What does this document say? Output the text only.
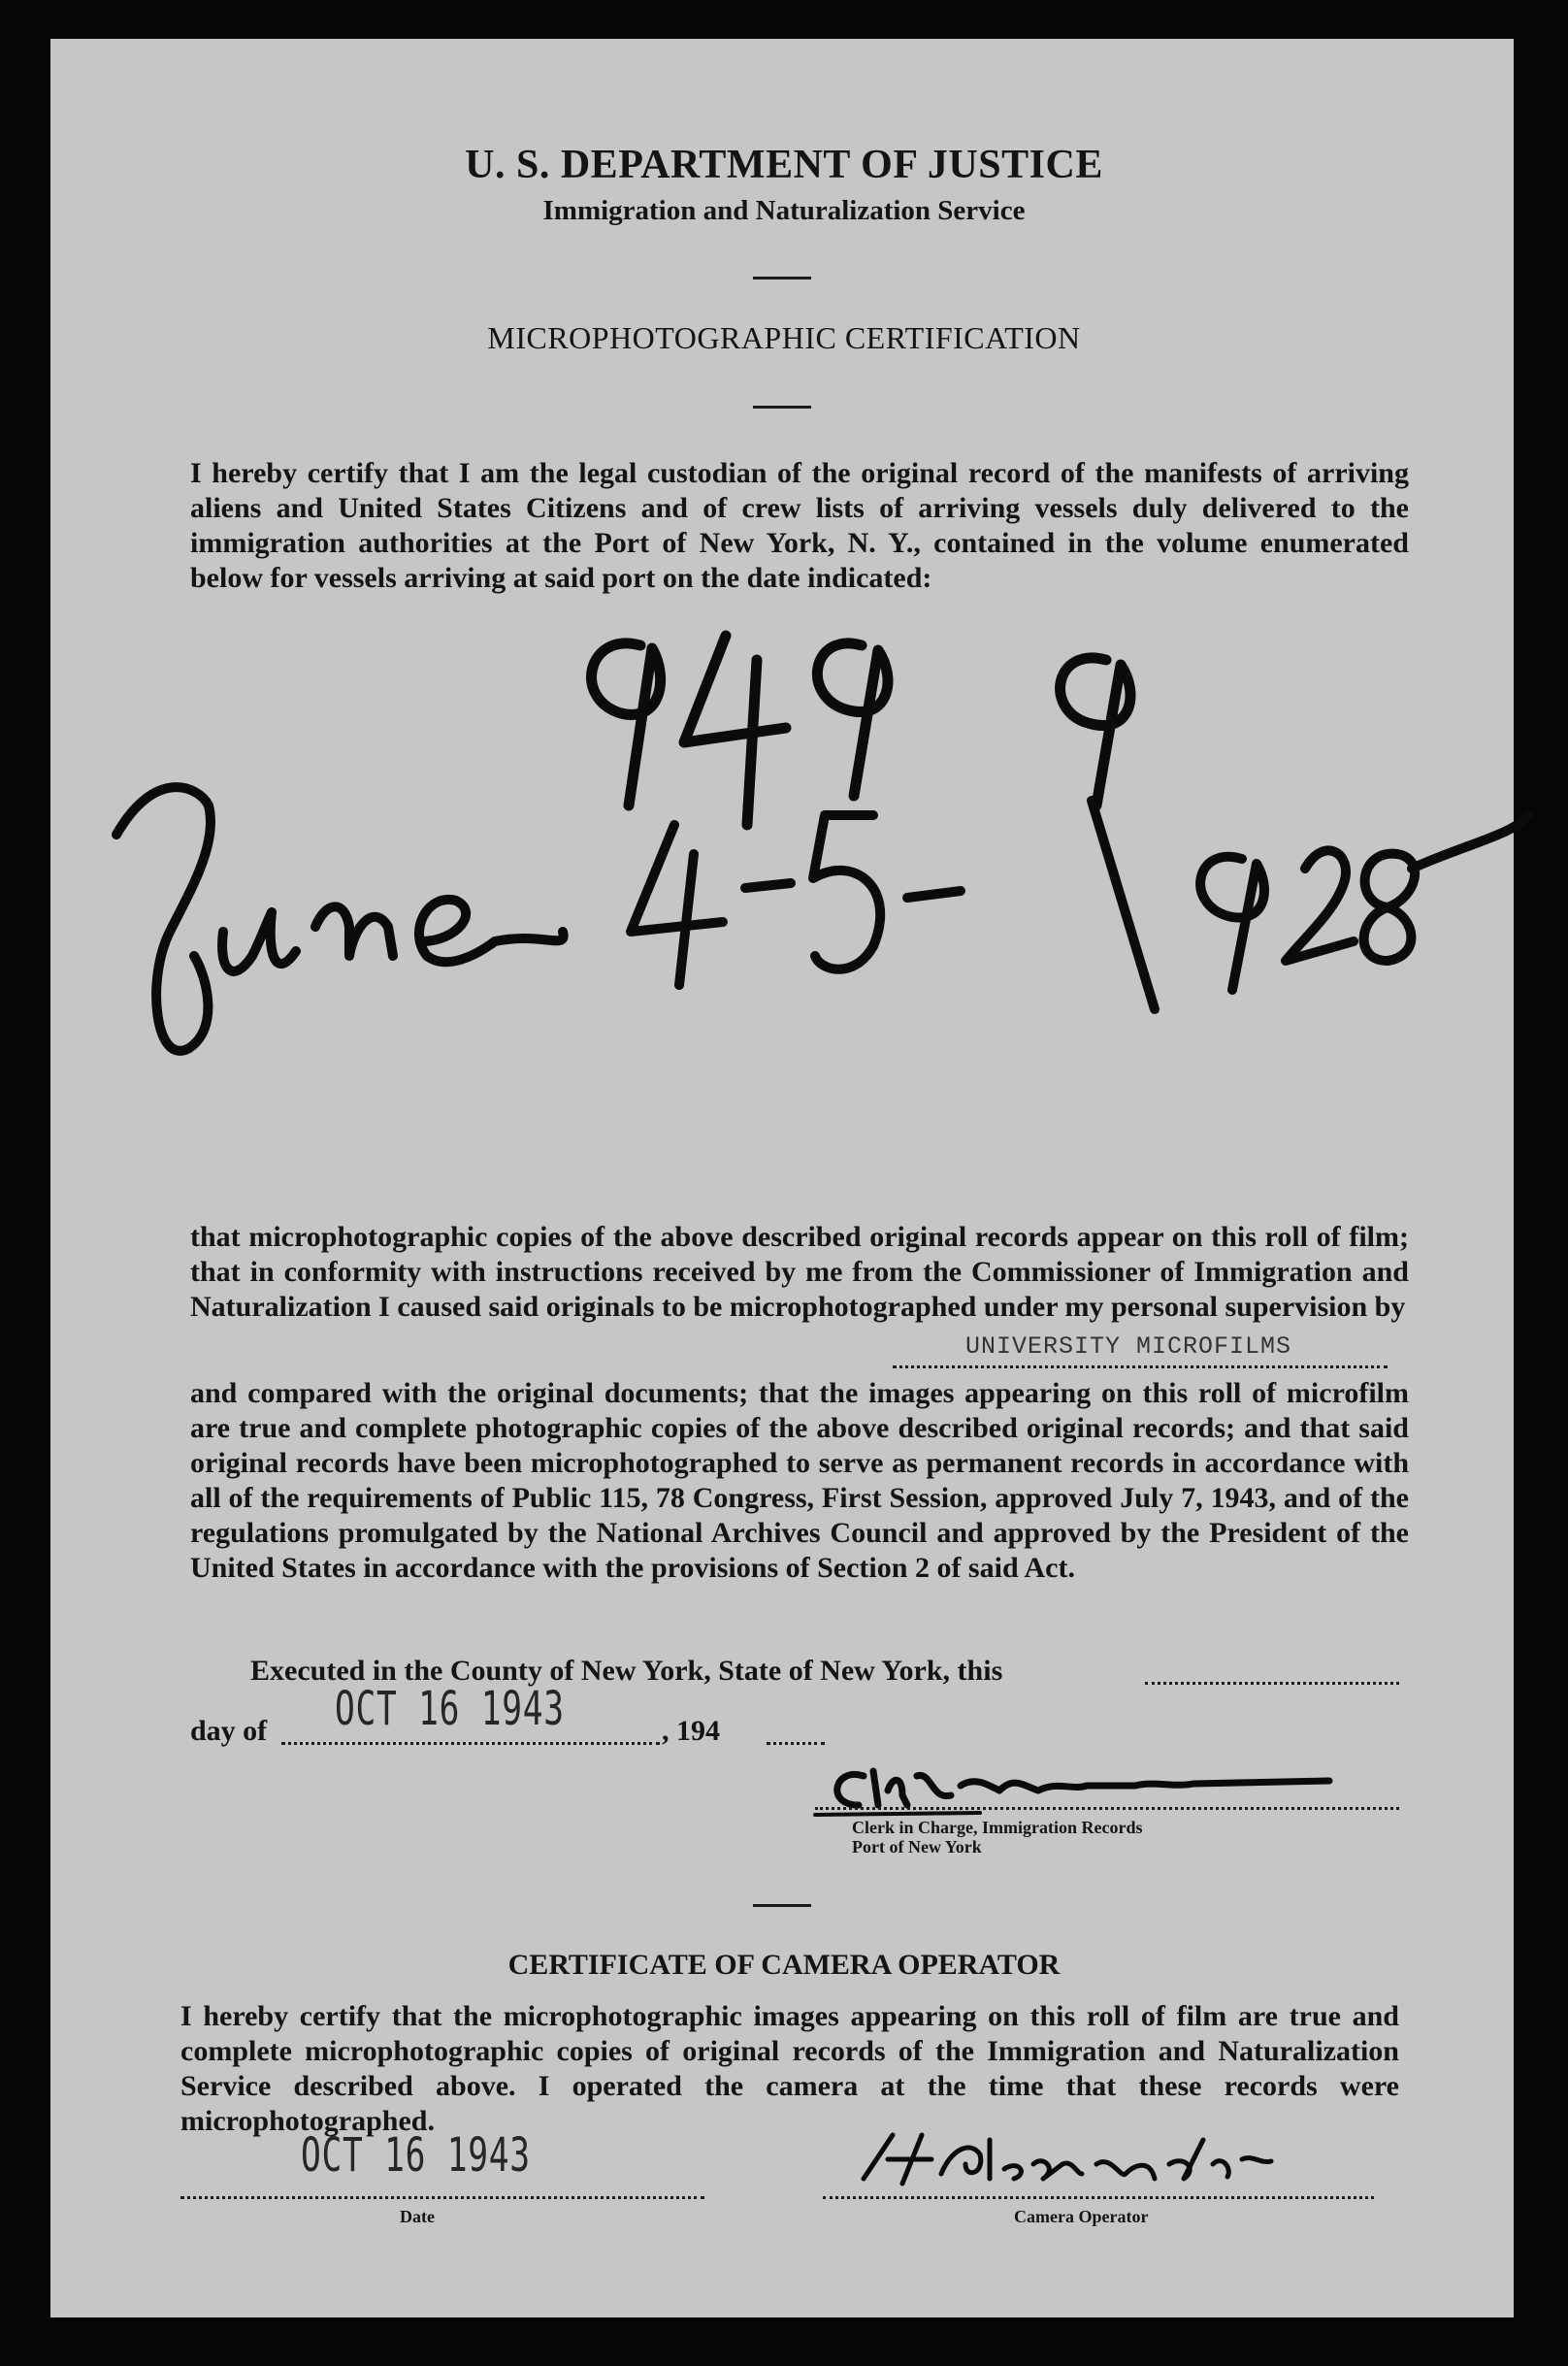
U. S. DEPARTMENT OF JUSTICE
Immigration and Naturalization Service
MICROPHOTOGRAPHIC CERTIFICATION
I hereby certify that I am the legal custodian of the original record of the manifests of arriving aliens and United States Citizens and of crew lists of arriving vessels duly delivered to the immigration authorities at the Port of New York, N. Y., contained in the volume enumerated below for vessels arriving at said port on the date indicated:
that microphotographic copies of the above described original records appear on this roll of film; that in conformity with instructions received by me from the Commissioner of Immigration and Naturalization I caused said originals to be microphotographed under my personal supervision by
UNIVERSITY MICROFILMS
and compared with the original documents; that the images appearing on this roll of microfilm are true and complete photographic copies of the above described original records; and that said original records have been microphotographed to serve as permanent records in accordance with all of the requirements of Public 115, 78 Congress, First Session, approved July 7, 1943, and of the regulations promulgated by the National Archives Council and approved by the President of the United States in accordance with the provisions of Section 2 of said Act.
Executed in the County of New York, State of New York, this
day of OCT 16 1943	, 194
Clerk in Charge, Immigration Records
Port of New York
CERTIFICATE OF CAMERA OPERATOR
I hereby certify that the microphotographic images appearing on this roll of film are true and complete microphotographic copies of original records of the Immigration and Naturalization Service described above. I operated the camera at the time that these records were microphotographed.
OCT 16 1943
Date	Camera Operator
